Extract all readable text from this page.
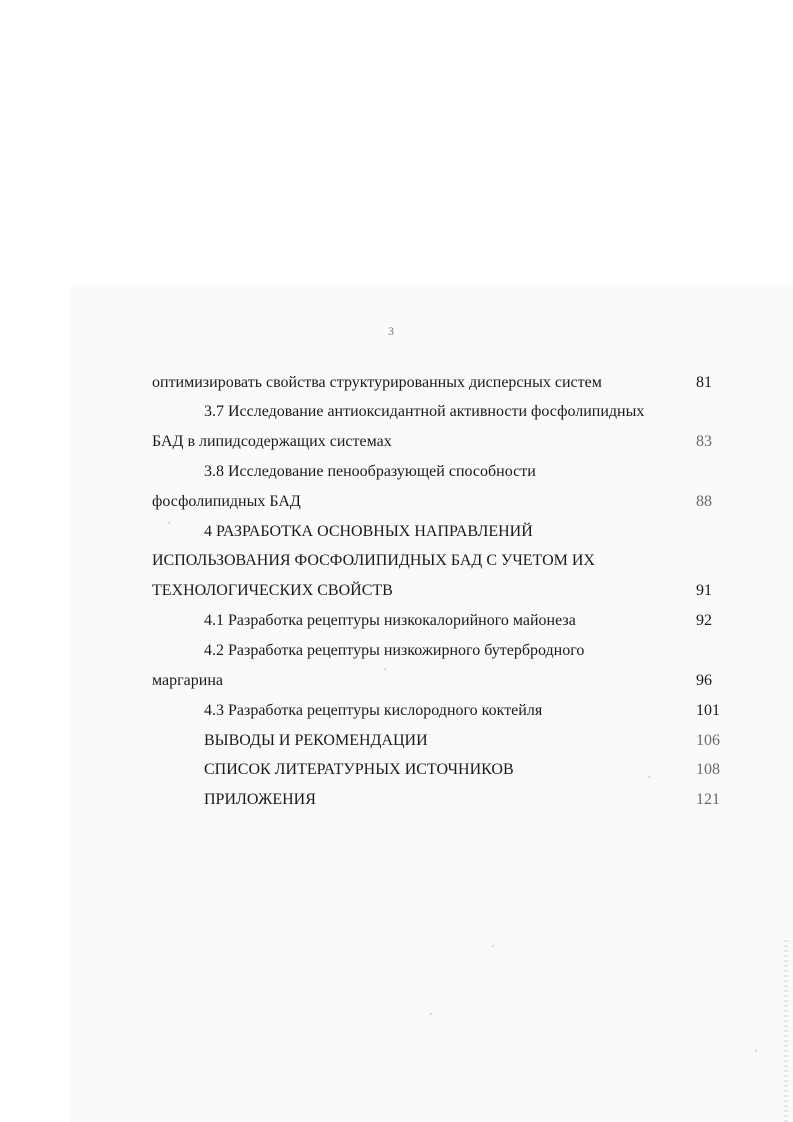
3
оптимизировать свойства структурированных дисперсных систем	81
3.7 Исследование антиоксидантной активности фосфолипидных
БАД в липидсодержащих системах	83
3.8 Исследование пенообразующей способности
фосфолипидных БАД	88
4 РАЗРАБОТКА ОСНОВНЫХ НАПРАВЛЕНИЙ
ИСПОЛЬЗОВАНИЯ ФОСФОЛИПИДНЫХ БАД С УЧЕТОМ ИХ
ТЕХНОЛОГИЧЕСКИХ СВОЙСТВ	91
4.1 Разработка рецептуры низкокалорийного майонеза	92
4.2 Разработка рецептуры низкожирного бутербродного
маргарина	96
4.3 Разработка рецептуры кислородного коктейля	101
ВЫВОДЫ И РЕКОМЕНДАЦИИ	106
СПИСОК ЛИТЕРАТУРНЫХ ИСТОЧНИКОВ	108
ПРИЛОЖЕНИЯ	121
